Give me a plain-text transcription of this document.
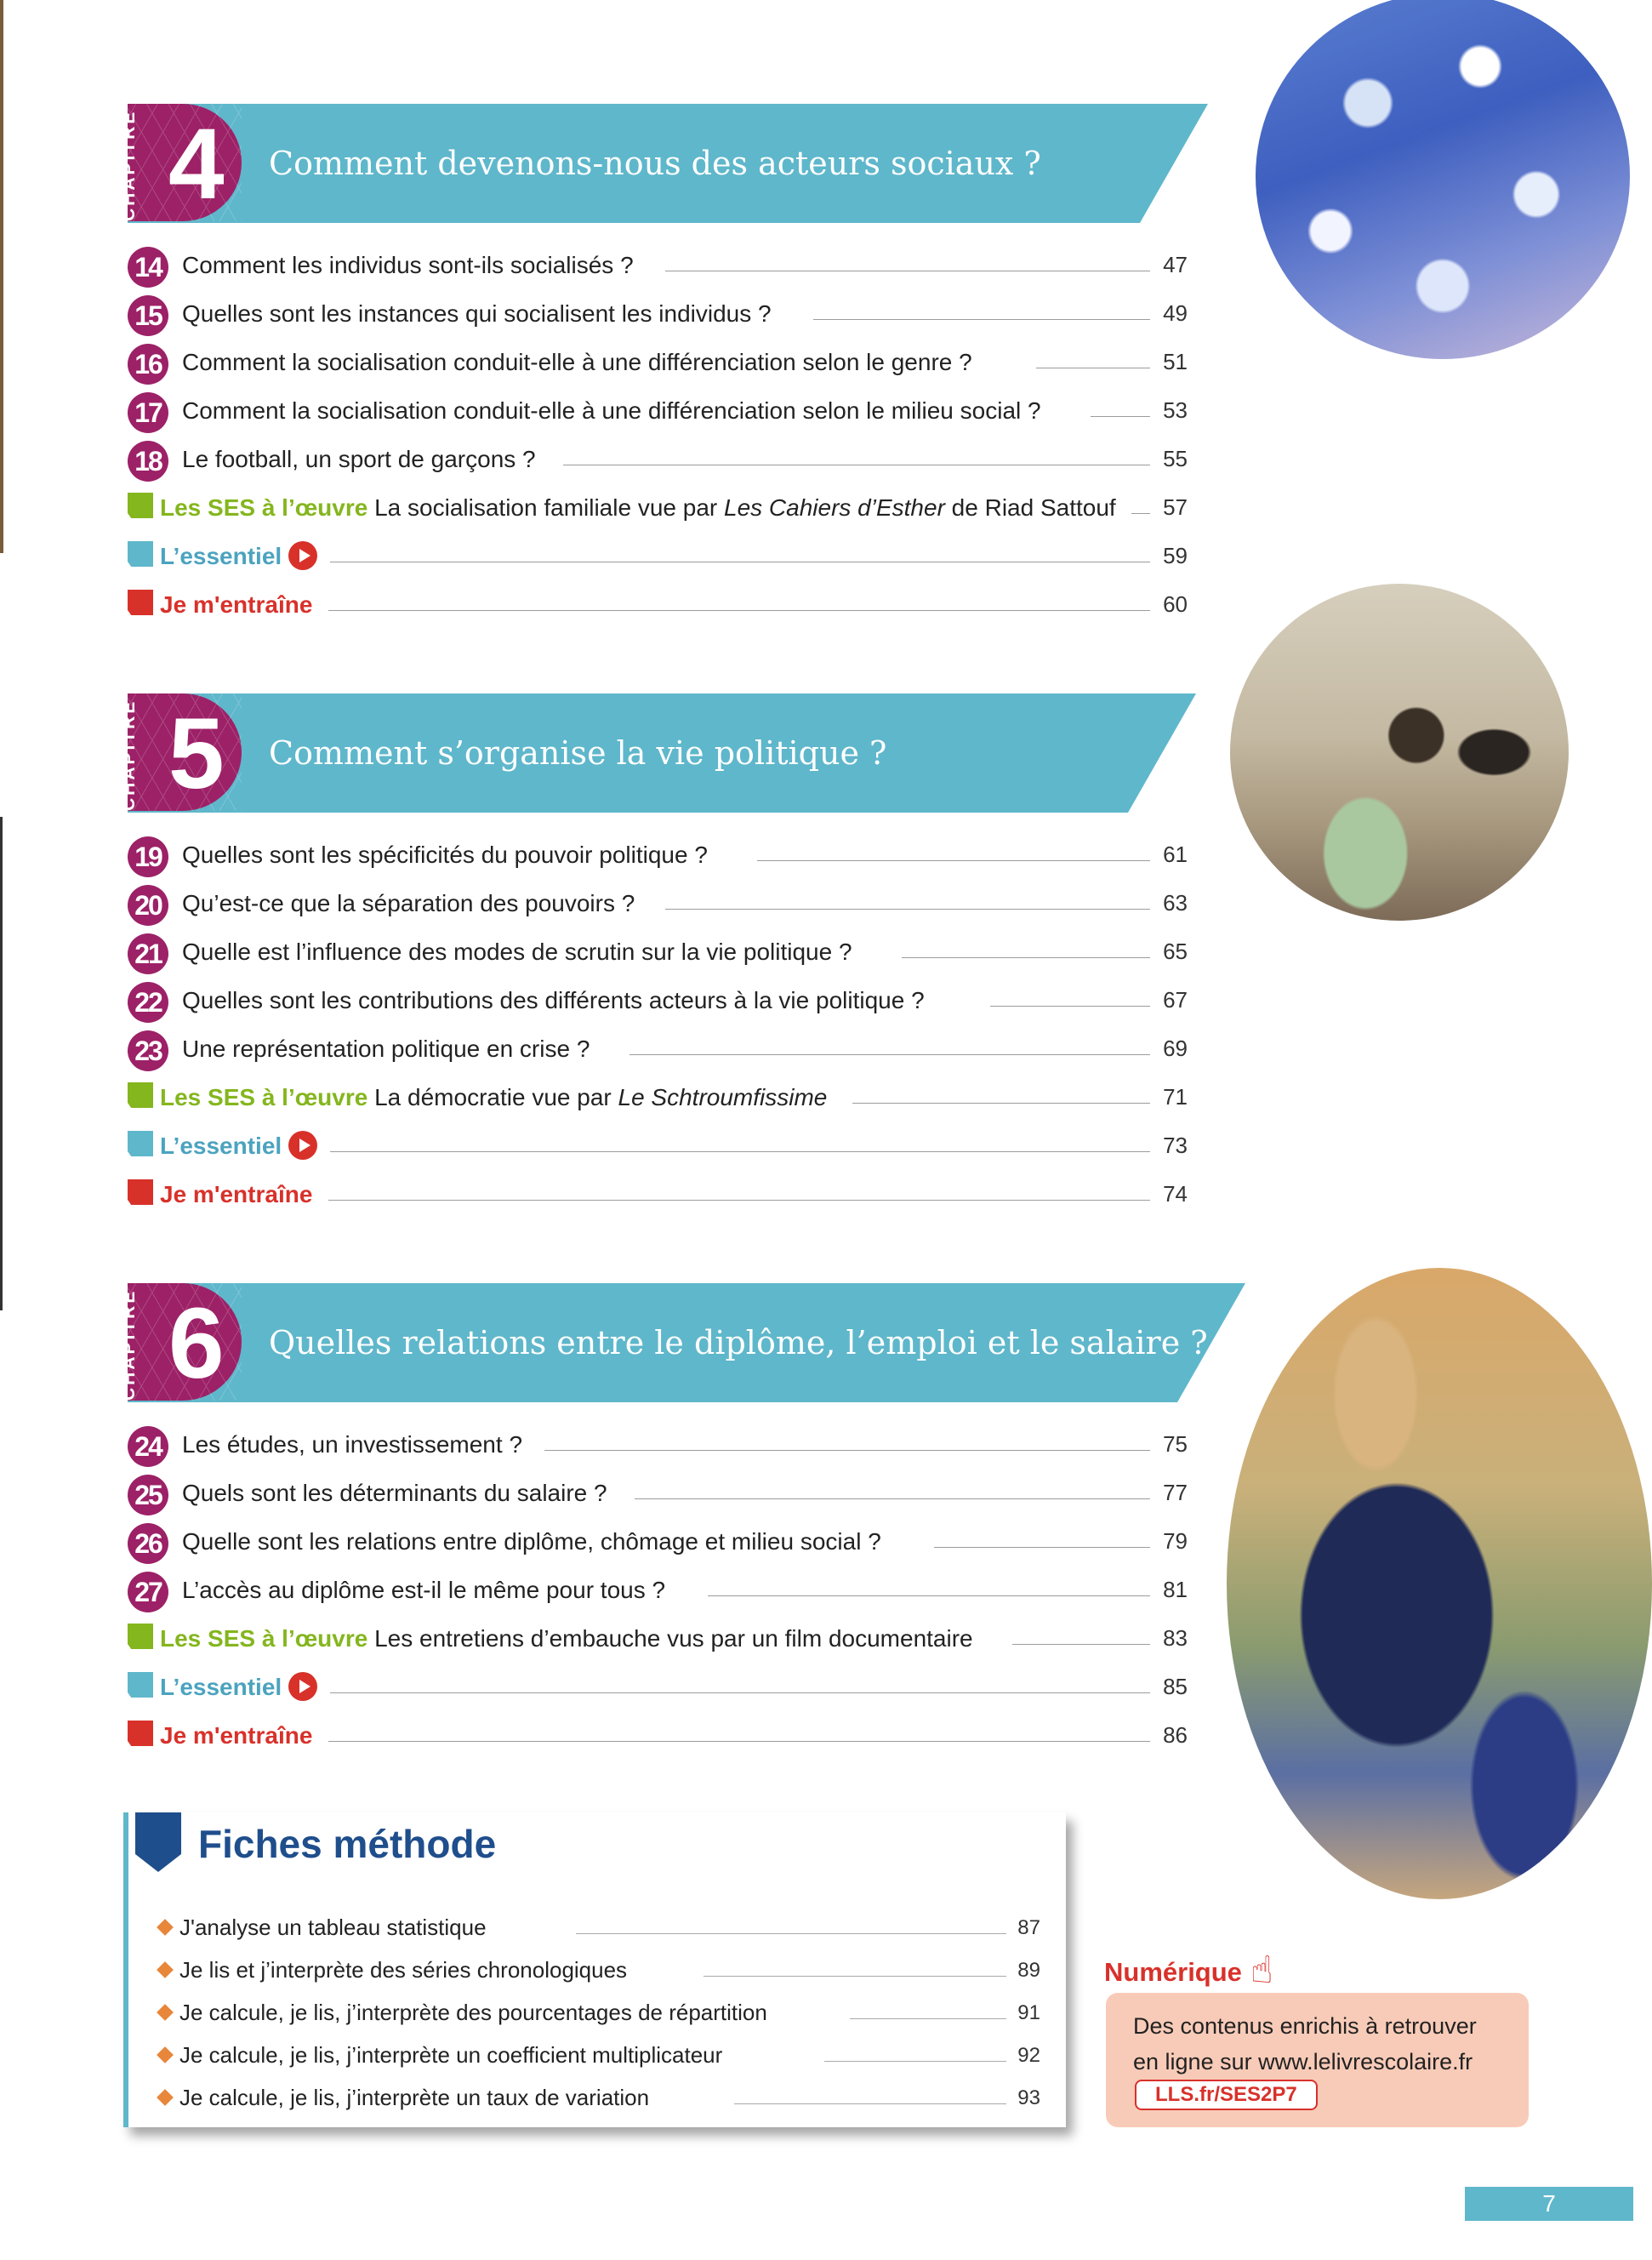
CHAPITRE 4 Comment devenons-nous des acteurs sociaux ?
14 Comment les individus sont-ils socialisés ?	47
15 Quelles sont les instances qui socialisent les individus ?	49
16 Comment la socialisation conduit-elle à une différenciation selon le genre ?	51
17 Comment la socialisation conduit-elle à une différenciation selon le milieu social ?	53
18 Le football, un sport de garçons ?	55
Les SES à l’œuvre La socialisation familiale vue par Les Cahiers d’Esther de Riad Sattouf 57
L’essentiel	59
Je m'entraîne	60
CHAPITRE 5 Comment s’organise la vie politique ?
19 Quelles sont les spécificités du pouvoir politique ?	61
20 Qu’est-ce que la séparation des pouvoirs ?	63
21 Quelle est l’influence des modes de scrutin sur la vie politique ?	65
22 Quelles sont les contributions des différents acteurs à la vie politique ?	67
23 Une représentation politique en crise ?	69
Les SES à l’œuvre La démocratie vue par Le Schtroumfissime	71
L’essentiel	73
Je m'entraîne	74
CHAPITRE 6 Quelles relations entre le diplôme, l’emploi et le salaire ?
24 Les études, un investissement ?	75
25 Quels sont les déterminants du salaire ?	77
26 Quelle sont les relations entre diplôme, chômage et milieu social ?	79
27 L’accès au diplôme est-il le même pour tous ?	81
Les SES à l’œuvre Les entretiens d’embauche vus par un film documentaire	83
L’essentiel	85
Je m'entraîne	86
Fiches méthode
J'analyse un tableau statistique	87
Je lis et j’interprète des séries chronologiques	89
Je calcule, je lis, j’interprète des pourcentages de répartition	91
Je calcule, je lis, j’interprète un coefficient multiplicateur	92
Je calcule, je lis, j’interprète un taux de variation	93
Numérique ☝
Des contenus enrichis à retrouver
en ligne sur www.lelivrescolaire.fr
LLS.fr/SES2P7
7
